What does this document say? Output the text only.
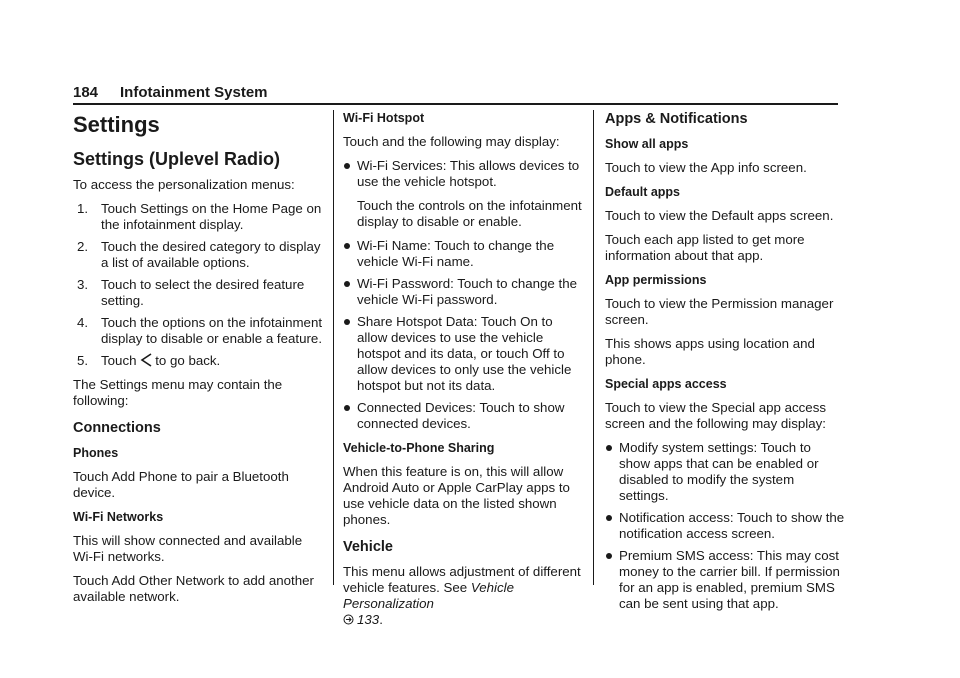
184 Infotainment System
Settings
Settings (Uplevel Radio)

To access the personalization menus:

1. Touch Settings on the Home Page on the infotainment display.
2. Touch the desired category to display a list of available options.
3. Touch to select the desired feature setting.
4. Touch the options on the infotainment display to disable or enable a feature.
5. Touch to go back.

The Settings menu may contain the following:

Connections
Phones

Touch Add Phone to pair a Bluetooth device.

Wi-Fi Networks

This will show connected and available Wi-Fi networks.

Touch Add Other Network to add another available network.

Wi-Fi Hotspot

Touch and the following may display:

Wi-Fi Services: This allows devices to use the vehicle hotspot.

Touch the controls on the infotainment display to disable or enable.

Wi-Fi Name: Touch to change the vehicle Wi-Fi name.
Wi-Fi Password: Touch to change the vehicle Wi-Fi password.
Share Hotspot Data: Touch On to allow devices to use the vehicle hotspot and its data, or touch Off to allow devices to only use the vehicle hotspot but not its data.
Connected Devices: Touch to show connected devices.
Vehicle-to-Phone Sharing

When this feature is on, this will allow Android Auto or Apple CarPlay apps to use vehicle data on the listed shown phones.

Vehicle

This menu allows adjustment of different vehicle features. See Vehicle Personalization
133.

Apps & Notifications
Show all apps

Touch to view the App info screen.

Default apps

Touch to view the Default apps screen.

Touch each app listed to get more information about that app.

App permissions

Touch to view the Permission manager screen.

This shows apps using location and phone.

Special apps access

Touch to view the Special app access screen and the following may display:

Modify system settings: Touch to show apps that can be enabled or disabled to modify the system settings.
Notification access: Touch to show the notification access screen.
Premium SMS access: This may cost money to the carrier bill. If permission for an app is enabled, premium SMS can be sent using that app.
